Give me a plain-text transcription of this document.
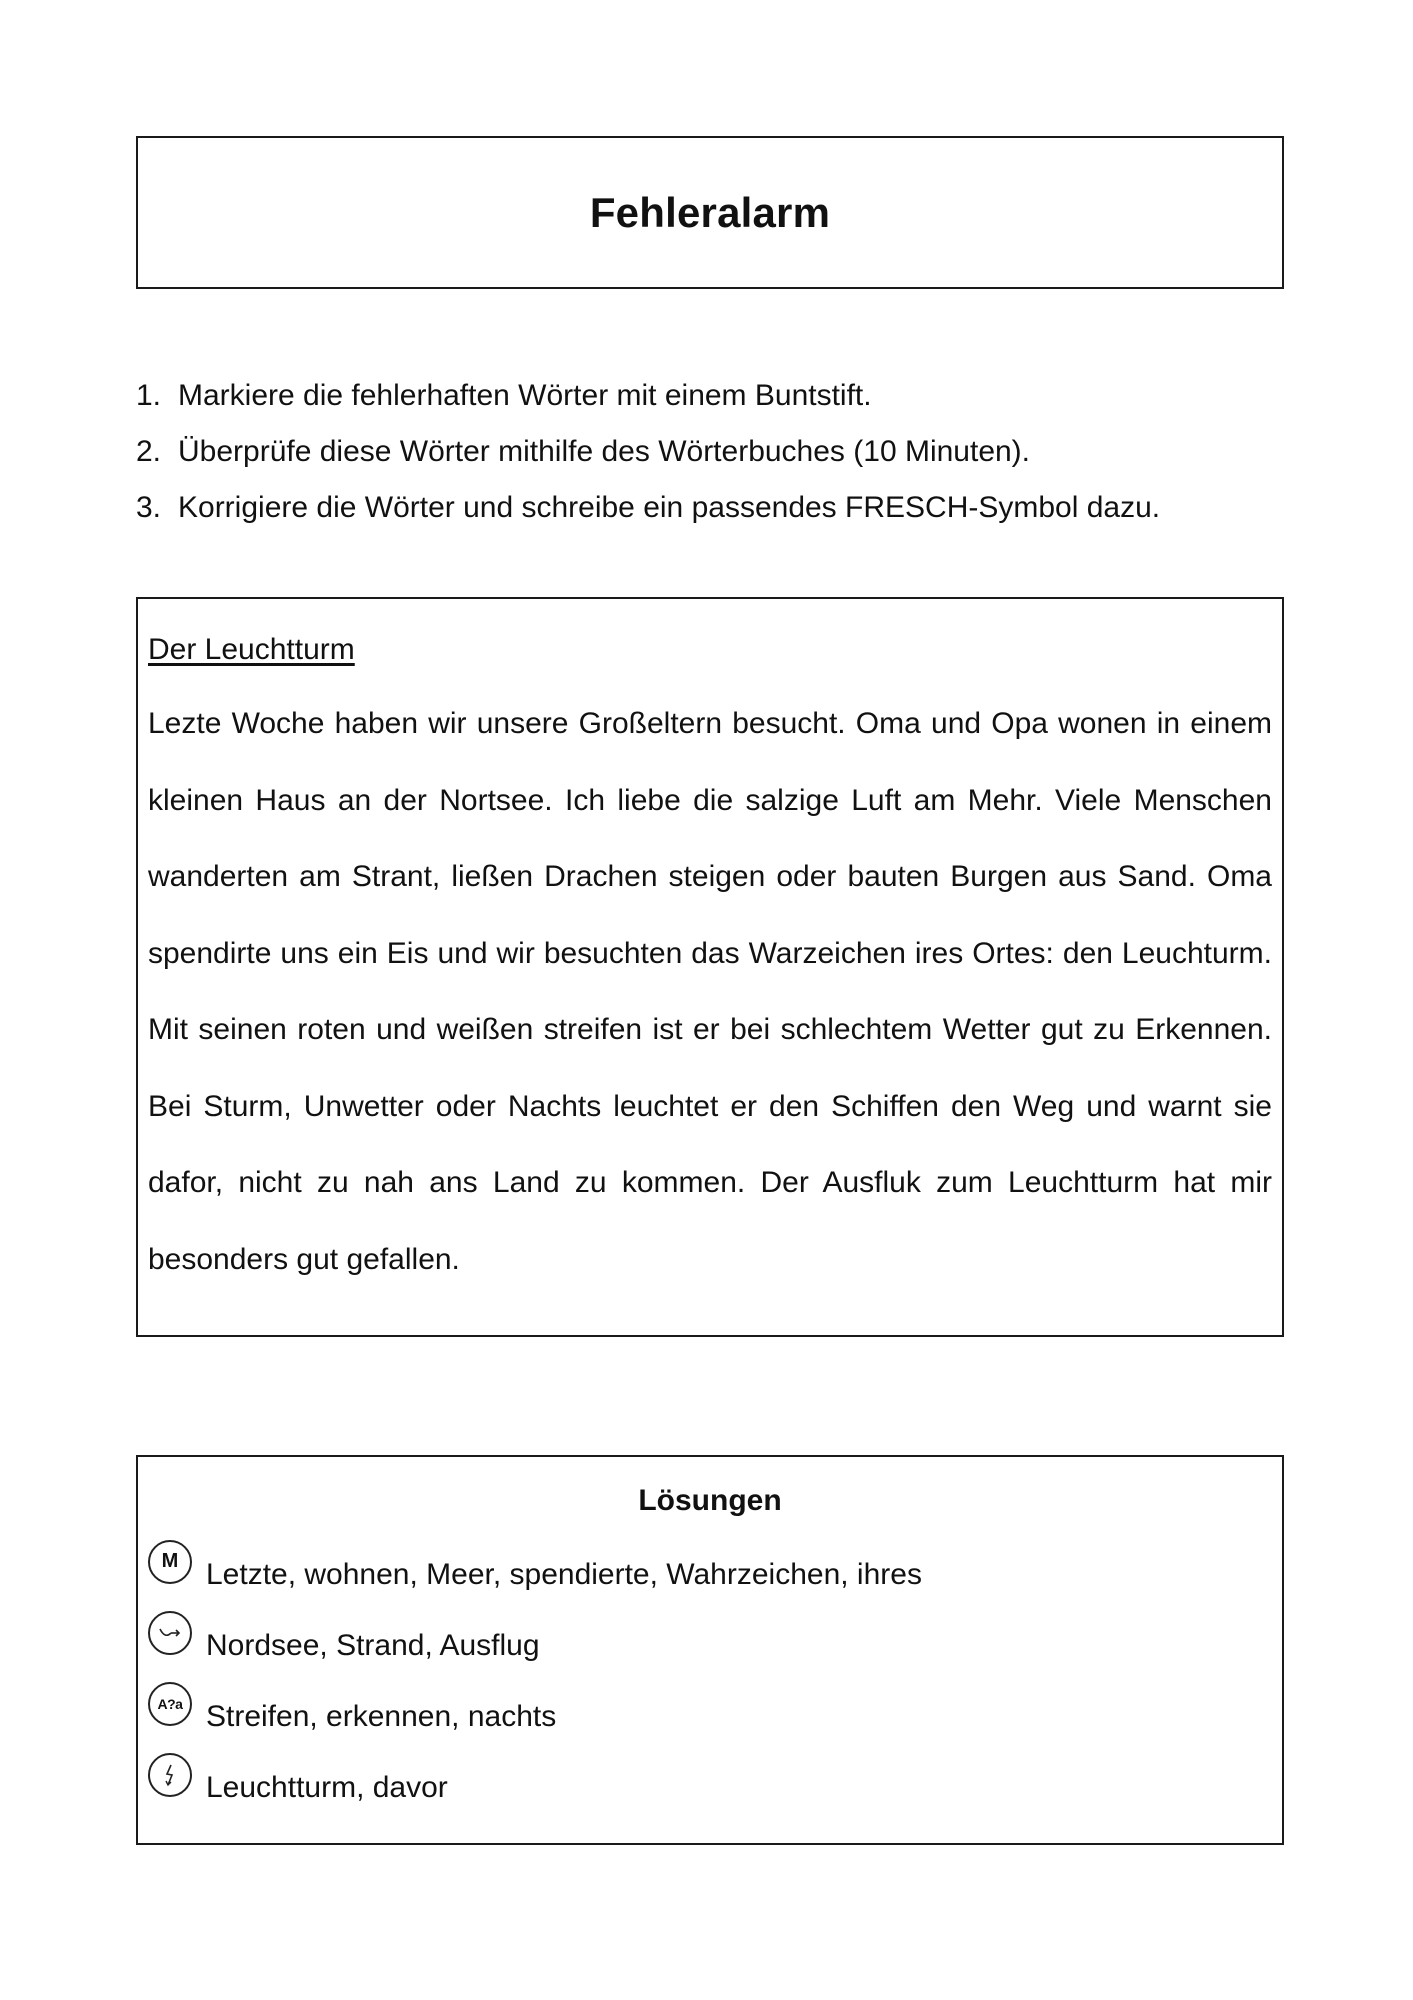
Fehleralarm
1. Markiere die fehlerhaften Wörter mit einem Buntstift.
2. Überprüfe diese Wörter mithilfe des Wörterbuches (10 Minuten).
3. Korrigiere die Wörter und schreibe ein passendes FRESCH-Symbol dazu.
Der Leuchtturm

Lezte Woche haben wir unsere Großeltern besucht. Oma und Opa wonen in einem kleinen Haus an der Nortsee. Ich liebe die salzige Luft am Mehr. Viele Menschen wanderten am Strant, ließen Drachen steigen oder bauten Burgen aus Sand. Oma spendirte uns ein Eis und wir besuchten das Warzeichen ires Ortes: den Leuchturm. Mit seinen roten und weißen streifen ist er bei schlechtem Wetter gut zu Erkennen. Bei Sturm, Unwetter oder Nachts leuchtet er den Schiffen den Weg und warnt sie dafor, nicht zu nah ans Land zu kommen. Der Ausfluk zum Leuchtturm hat mir besonders gut gefallen.

Lösungen
M Letzte, wohnen, Meer, spendierte, Wahrzeichen, ihres
Nordsee, Strand, Ausflug
A?a Streifen, erkennen, nachts
Leuchtturm, davor
